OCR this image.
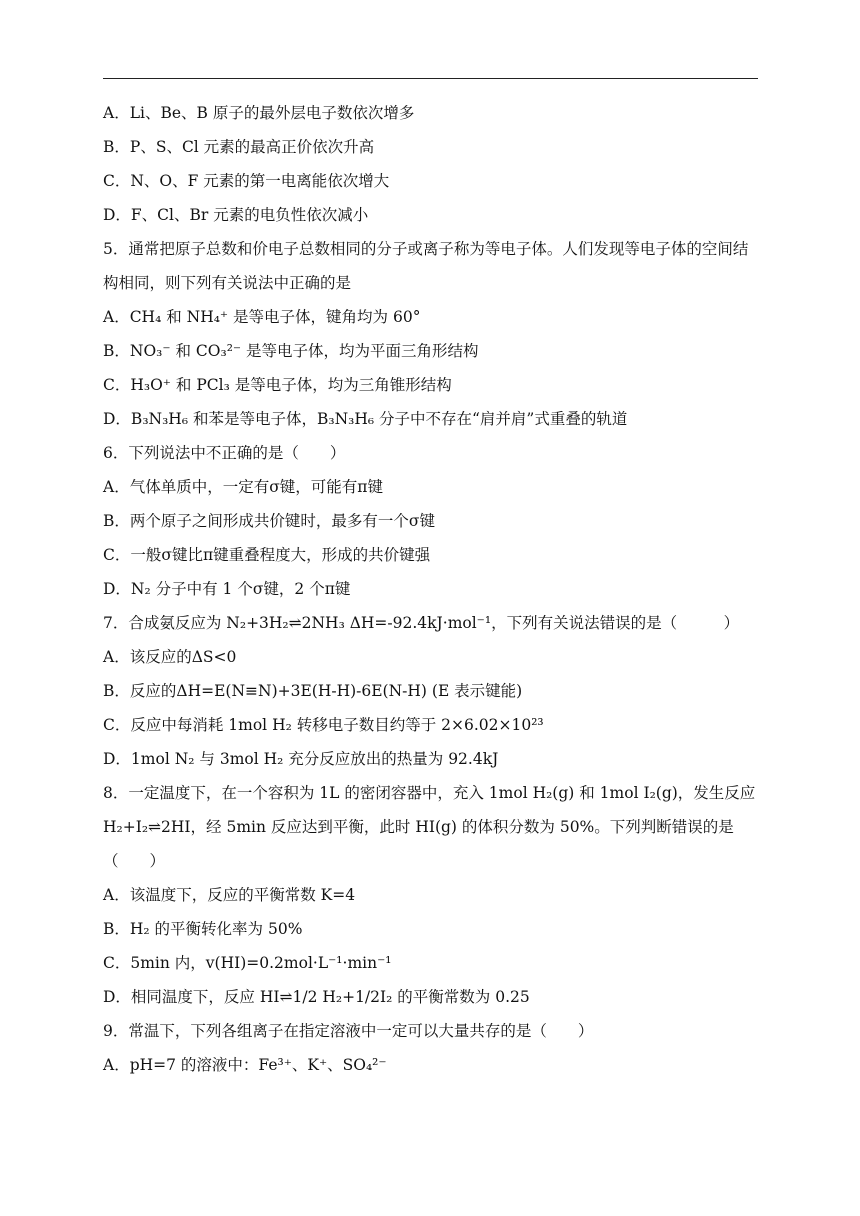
A．Li、Be、B 原子的最外层电子数依次增多
B．P、S、Cl 元素的最高正价依次升高
C．N、O、F 元素的第一电离能依次增大
D．F、Cl、Br 元素的电负性依次减小
5．通常把原子总数和价电子总数相同的分子或离子称为等电子体。人们发现等电子体的空间结构相同，则下列有关说法中正确的是
A．CH₄ 和 NH₄⁺ 是等电子体，键角均为 60°
B．NO₃⁻ 和 CO₃²⁻ 是等电子体，均为平面三角形结构
C．H₃O⁺ 和 PCl₃ 是等电子体，均为三角锥形结构
D．B₃N₃H₆ 和苯是等电子体，B₃N₃H₆ 分子中不存在“肩并肩”式重叠的轨道
6．下列说法中不正确的是（　　）
A．气体单质中，一定有σ键，可能有π键
B．两个原子之间形成共价键时，最多有一个σ键
C．一般σ键比π键重叠程度大，形成的共价键强
D．N₂ 分子中有 1 个σ键，2 个π键
7．合成氨反应为 N₂+3H₂⇌2NH₃ ΔH=-92.4kJ·mol⁻¹，下列有关说法错误的是（　　　）
A．该反应的ΔS<0
B．反应的ΔH=E(N≡N)+3E(H-H)-6E(N-H) (E 表示键能)
C．反应中每消耗 1mol H₂ 转移电子数目约等于 2×6.02×10²³
D．1mol N₂ 与 3mol H₂ 充分反应放出的热量为 92.4kJ
8．一定温度下，在一个容积为 1L 的密闭容器中，充入 1mol H₂(g) 和 1mol I₂(g)，发生反应 H₂+I₂⇌2HI，经 5min 反应达到平衡，此时 HI(g) 的体积分数为 50%。下列判断错误的是（　　）
A．该温度下，反应的平衡常数 K=4
B．H₂ 的平衡转化率为 50%
C．5min 内，v(HI)=0.2mol·L⁻¹·min⁻¹
D．相同温度下，反应 HI⇌1/2 H₂+1/2I₂ 的平衡常数为 0.25
9．常温下，下列各组离子在指定溶液中一定可以大量共存的是（　　）
A．pH=7 的溶液中：Fe³⁺、K⁺、SO₄²⁻
